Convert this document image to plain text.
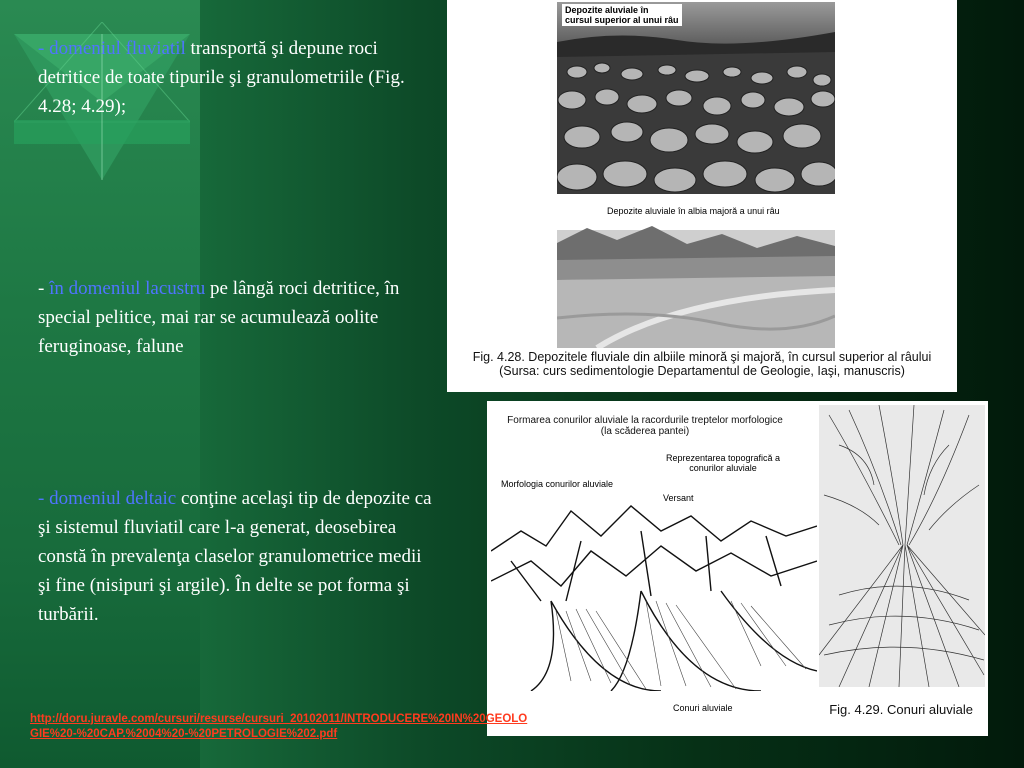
- domeniul fluviatil transportă şi depune roci detritice de toate tipurile şi granulometriile (Fig. 4.28; 4.29);
- în domeniul lacustru pe lângă roci detritice, în special pelitice, mai rar se acumulează oolite feruginoase, falune
- domeniul deltaic conţine acelaşi tip de depozite ca şi sistemul fluviatil care l-a generat, deosebirea constă în prevalenţa claselor granulometrice medii şi fine (nisipuri şi argile). În delte se pot forma şi turbării.
Depozite aluviale în
cursul superior al unui râu
Depozite aluviale în albia majoră a unui râu
Fig. 4.28. Depozitele fluviale din albiile minoră şi majoră, în cursul superior al râului
(Sursa: curs sedimentologie Departamentul de Geologie, Iaşi, manuscris)
Formarea conurilor aluviale la racordurile treptelor morfologice
(la scăderea pantei)
Morfologia conurilor aluviale
Versant
Conuri aluviale
Reprezentarea topografică a
conurilor aluviale
Fig. 4.29. Conuri aluviale
http://doru.juravle.com/cursuri/resurse/cursuri_20102011/INTRODUCERE%20IN%20GEOLOGIE%20-%20CAP.%2004%20-%20PETROLOGIE%202.pdf
